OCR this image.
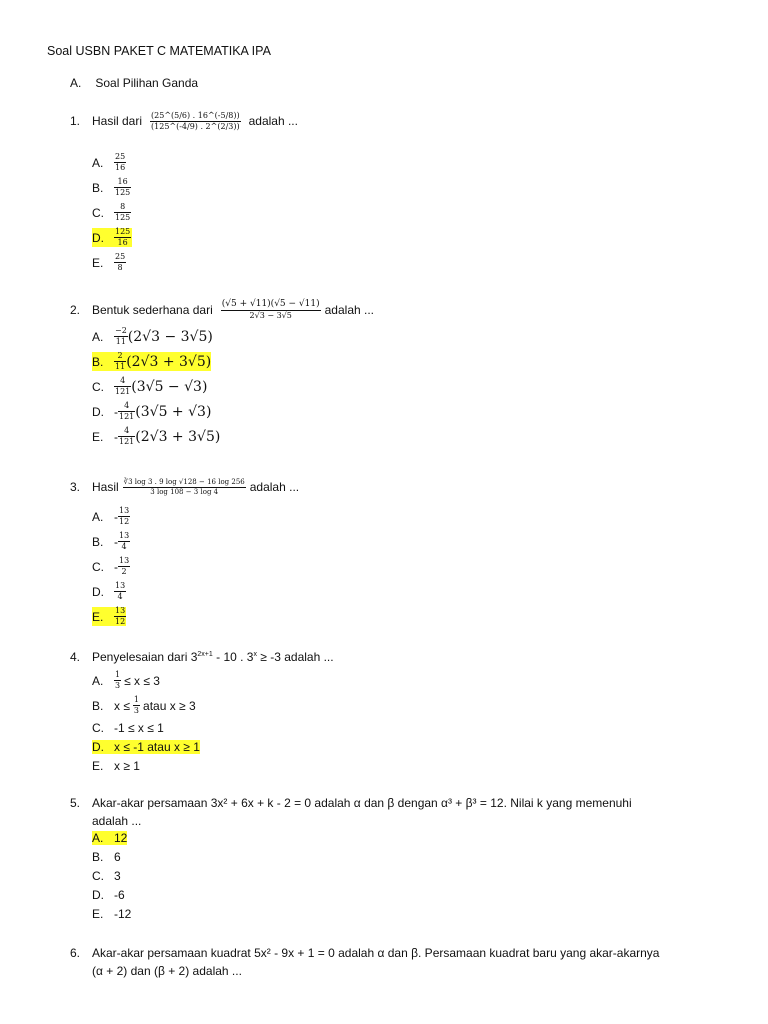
Soal USBN PAKET C MATEMATIKA IPA
A. Soal Pilihan Ganda
1. Hasil dari $\frac{(25\^{}(5/6) . 16\^{}(-5/8))}{(125\^{}(-4/9) . 2\^{}(2/3))}$ adalah ...
A.	$\frac{25}{16}$
B.	$\frac{16}{125}$
C.	$\frac{8}{125}$
D.	$\frac{125}{16}$
E.	$\frac{25}{8}$
2. Bentuk sederhana dari $\frac{(√5 + √11)(√5 - √11)}{2√3 - 3√5}$ adalah ...
A.	$\frac{-2}{11} (2√3 - 3√5)$
B.	$\frac{2}{11} (2√3 + 3√5)$
C.	$\frac{4}{121} (3√5 - √3)$
D. - $\frac{4}{121} (3√5 + √3)$
E. - $\frac{4}{121} (2√3 + 3√5)$
3. Hasil $\frac{∛3 \log 3 . 9 \log √128 - 16 \log 256}{3 \log 108 - 3 \log 4}$ adalah ...
A. - $\frac{13}{12}$
B. - $\frac{13}{4}$
C. - $\frac{13}{2}$
D.	$\frac{13}{4}$
E.	$\frac{13}{12}$
4. Penyelesaian dari $3^{2x+1} - 10$ . $3^x \ge -3$ adalah ...
A.	$\frac{1}{3} \le x \le 3$
B. $x \le \frac{1}{3}$ atau x ≥ 3
C. -1 ≤ x ≤ 1
D. x ≤ -1 atau x ≥ 1
E. x ≥ 1
5. Akar-akar persamaan 3x² + 6x + k - 2 = 0 adalah α dan β dengan α³ + β³ = 12. Nilai k yang memenuhi
adalah ...
A. 12
B. 6
C. 3
D. -6
E. -12
6. Akar-akar persamaan kuadrat 5x² - 9x + 1 = 0 adalah α dan β. Persamaan kuadrat baru yang akar-akarnya
(α + 2) dan (β + 2) adalah ...
